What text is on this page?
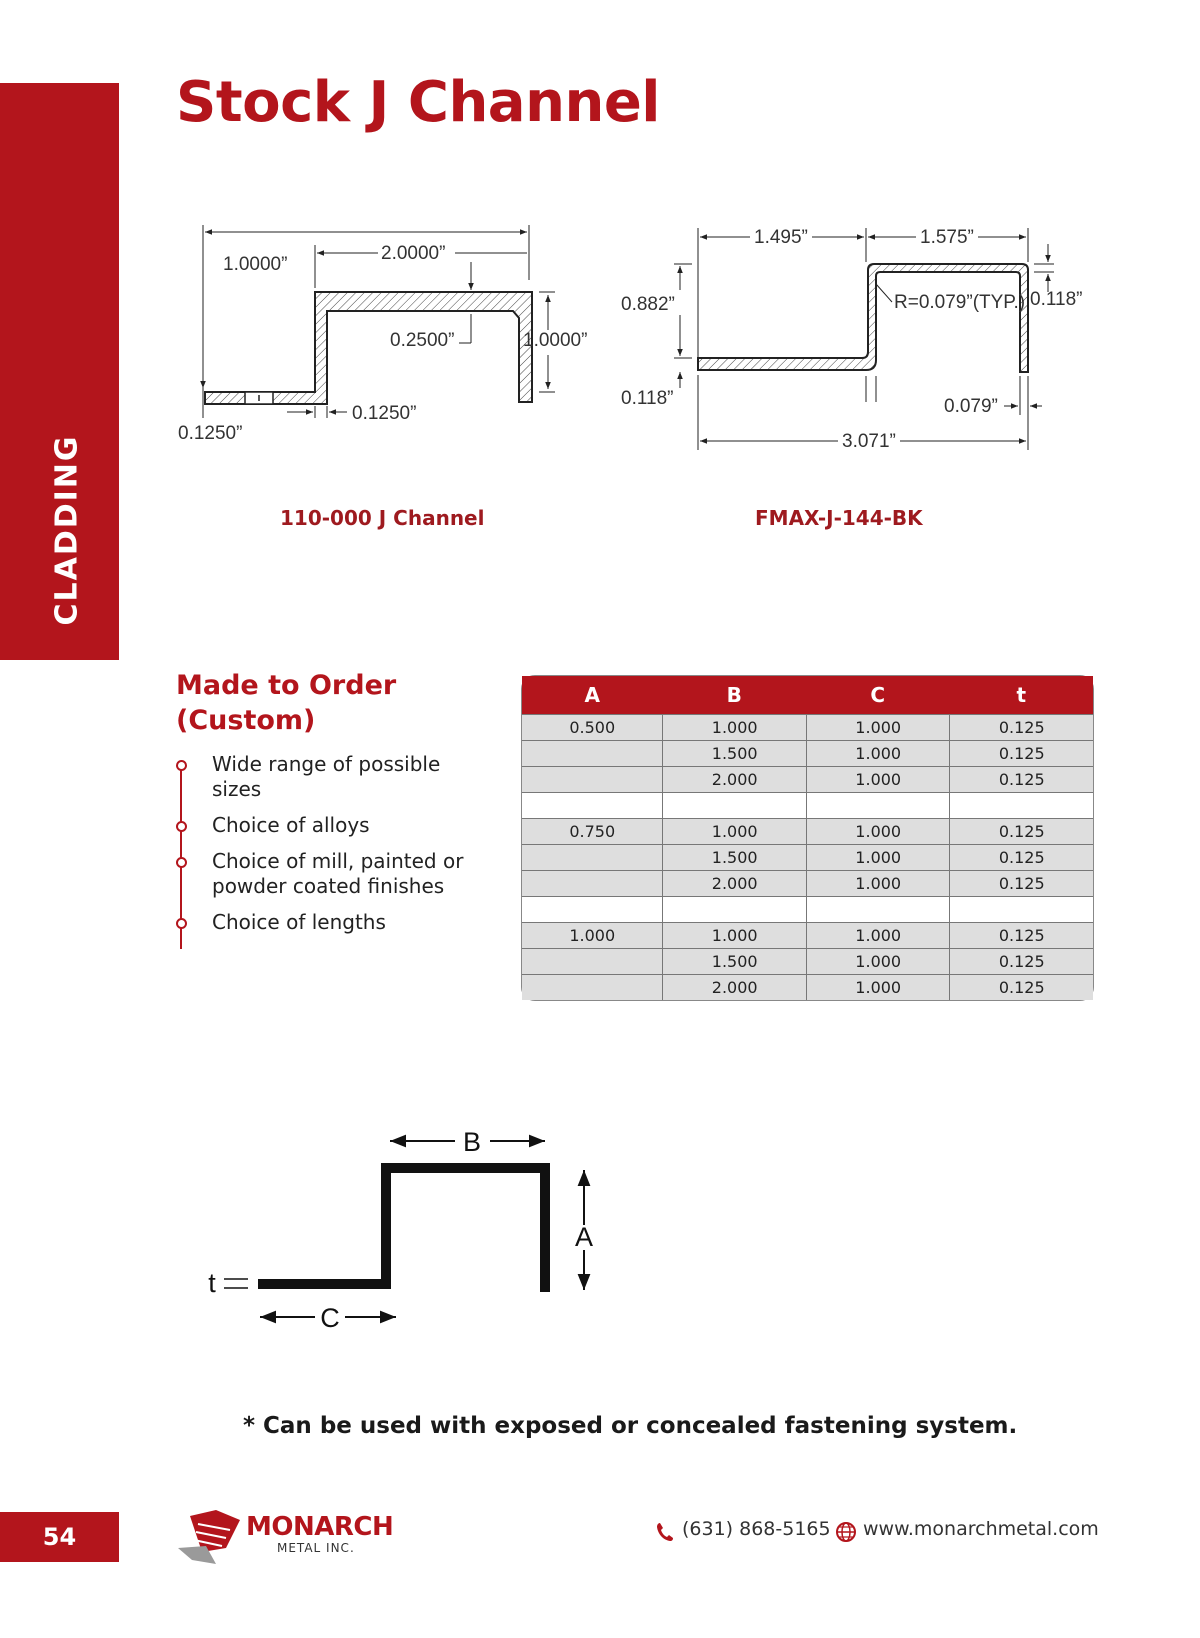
CLADDING
Stock J Channel
1.0000”
2.0000”
0.2500”	1.0000”
0.1250”
0.1250”
110-000 J Channel
1.495”	1.575”
R=0.079”(TYP.)
0.882”	0.118”
0.118”	0.079”
3.071”
FMAX-J-144-BK
Made to Order (Custom)
Wide range of possible sizes
Choice of alloys
Choice of mill, painted or powder coated finishes
Choice of lengths
A	B	C	t
0.500	1.000	1.000	0.125
	1.500	1.000	0.125
	2.000	1.000	0.125

0.750	1.000	1.000	0.125
	1.500	1.000	0.125
	2.000	1.000	0.125

1.000	1.000	1.000	0.125
	1.500	1.000	0.125
	2.000	1.000	0.125
B
A
C
t

* Can be used with exposed or concealed fastening system.

54	MONARCH
METAL INC.
(631) 868-5165 www.monarchmetal.com
